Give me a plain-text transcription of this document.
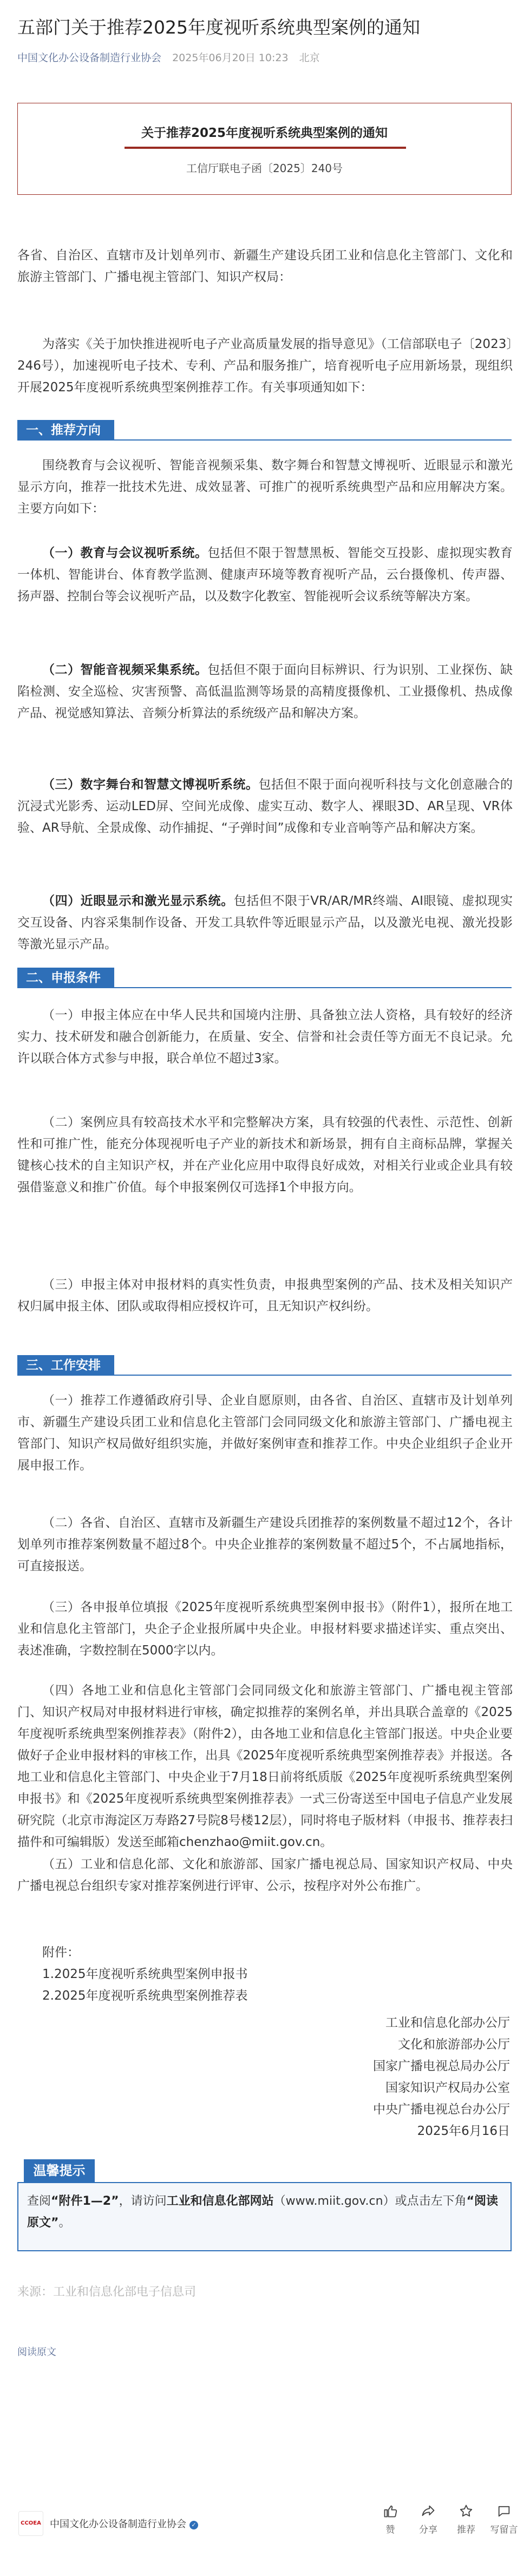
五部门关于推荐2025年度视听系统典型案例的通知
中国文化办公设备制造行业协会 2025年06月20日 10:23 北京
关于推荐2025年度视听系统典型案例的通知
工信厅联电子函〔2025〕240号

各省、自治区、直辖市及计划单列市、新疆生产建设兵团工业和信息化主管部门、文化和旅游主管部门、广播电视主管部门、知识产权局：

为落实《关于加快推进视听电子产业高质量发展的指导意见》（工信部联电子〔2023〕246号），加速视听电子技术、专利、产品和服务推广，培育视听电子应用新场景，现组织开展2025年度视听系统典型案例推荐工作。有关事项通知如下：

一、推荐方向

围绕教育与会议视听、智能音视频采集、数字舞台和智慧文博视听、近眼显示和激光显示方向，推荐一批技术先进、成效显著、可推广的视听系统典型产品和应用解决方案。主要方向如下：

（一）教育与会议视听系统。包括但不限于智慧黑板、智能交互投影、虚拟现实教育一体机、智能讲台、体育教学监测、健康声环境等教育视听产品，云台摄像机、传声器、扬声器、控制台等会议视听产品，以及数字化教室、智能视听会议系统等解决方案。

（二）智能音视频采集系统。包括但不限于面向目标辨识、行为识别、工业探伤、缺陷检测、安全巡检、灾害预警、高低温监测等场景的高精度摄像机、工业摄像机、热成像产品、视觉感知算法、音频分析算法的系统级产品和解决方案。

（三）数字舞台和智慧文博视听系统。包括但不限于面向视听科技与文化创意融合的沉浸式光影秀、运动LED屏、空间光成像、虚实互动、数字人、裸眼3D、AR呈现、VR体验、AR导航、全景成像、动作捕捉、“子弹时间”成像和专业音响等产品和解决方案。

（四）近眼显示和激光显示系统。包括但不限于VR/AR/MR终端、AI眼镜、虚拟现实交互设备、内容采集制作设备、开发工具软件等近眼显示产品，以及激光电视、激光投影等激光显示产品。

二、申报条件

（一）申报主体应在中华人民共和国境内注册、具备独立法人资格，具有较好的经济实力、技术研发和融合创新能力，在质量、安全、信誉和社会责任等方面无不良记录。允许以联合体方式参与申报，联合单位不超过3家。

（二）案例应具有较高技术水平和完整解决方案，具有较强的代表性、示范性、创新性和可推广性，能充分体现视听电子产业的新技术和新场景，拥有自主商标品牌，掌握关键核心技术的自主知识产权，并在产业化应用中取得良好成效，对相关行业或企业具有较强借鉴意义和推广价值。每个申报案例仅可选择1个申报方向。

（三）申报主体对申报材料的真实性负责，申报典型案例的产品、技术及相关知识产权归属申报主体、团队或取得相应授权许可，且无知识产权纠纷。

三、工作安排

（一）推荐工作遵循政府引导、企业自愿原则，由各省、自治区、直辖市及计划单列市、新疆生产建设兵团工业和信息化主管部门会同同级文化和旅游主管部门、广播电视主管部门、知识产权局做好组织实施，并做好案例审查和推荐工作。中央企业组织子企业开展申报工作。

（二）各省、自治区、直辖市及新疆生产建设兵团推荐的案例数量不超过12个，各计划单列市推荐案例数量不超过8个。中央企业推荐的案例数量不超过5个，不占属地指标，可直接报送。

（三）各申报单位填报《2025年度视听系统典型案例申报书》（附件1），报所在地工业和信息化主管部门，央企子企业报所属中央企业。申报材料要求描述详实、重点突出、表述准确，字数控制在5000字以内。

（四）各地工业和信息化主管部门会同同级文化和旅游主管部门、广播电视主管部门、知识产权局对申报材料进行审核，确定拟推荐的案例名单，并出具联合盖章的《2025年度视听系统典型案例推荐表》（附件2），由各地工业和信息化主管部门报送。中央企业要做好子企业申报材料的审核工作，出具《2025年度视听系统典型案例推荐表》并报送。各地工业和信息化主管部门、中央企业于7月18日前将纸质版《2025年度视听系统典型案例申报书》和《2025年度视听系统典型案例推荐表》一式三份寄送至中国电子信息产业发展研究院（北京市海淀区万寿路27号院8号楼12层），同时将电子版材料（申报书、推荐表扫描件和可编辑版）发送至邮箱chenzhao@miit.gov.cn。

（五）工业和信息化部、文化和旅游部、国家广播电视总局、国家知识产权局、中央广播电视总台组织专家对推荐案例进行评审、公示，按程序对外公布推广。

附件：

1.2025年度视听系统典型案例申报书

2.2025年度视听系统典型案例推荐表

工业和信息化部办公厅
文化和旅游部办公厅
国家广播电视总局办公厅
国家知识产权局办公室
中央广播电视总台办公厅
2025年6月16日
温馨提示
查阅“附件1—2”，请访问工业和信息化部网站（www.miit.gov.cn）或点击左下角“阅读原文”。
来源：工业和信息化部电子信息司
阅读原文
CCOEA 中国文化办公设备制造行业协会 ✓	赞	分享	推荐	写留言
